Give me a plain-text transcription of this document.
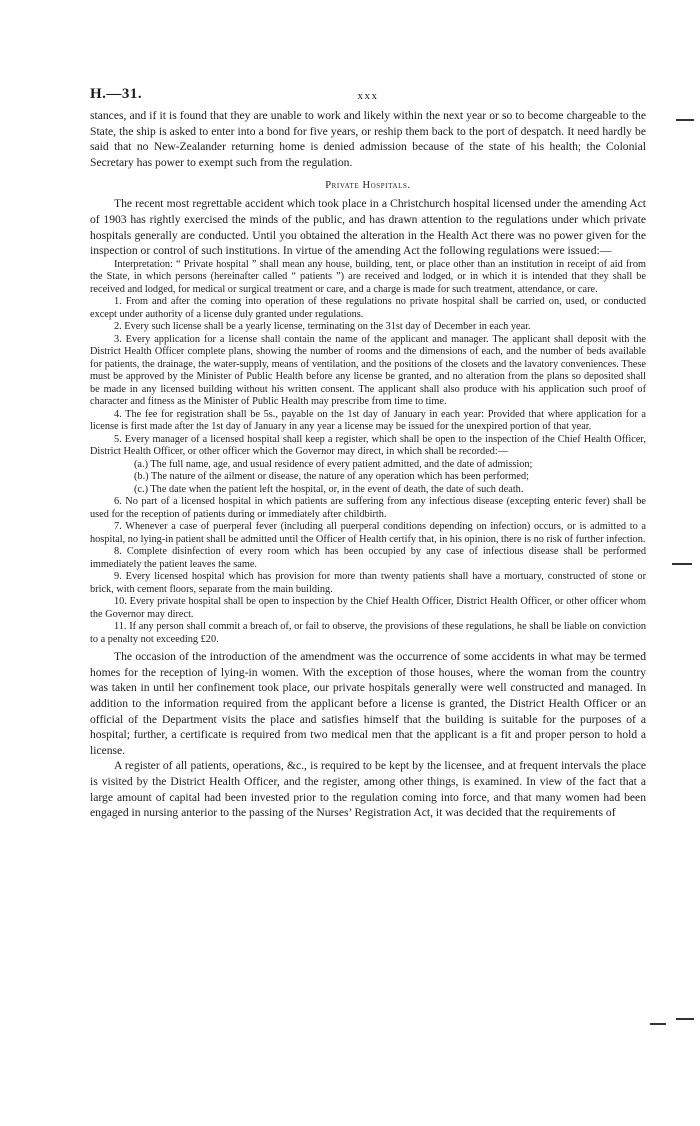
H.—31.	xxx

stances, and if it is found that they are unable to work and likely within the next year or so to become chargeable to the State, the ship is asked to enter into a bond for five years, or reship them back to the port of despatch. It need hardly be said that no New-Zealander returning home is denied admission because of the state of his health; the Colonial Secretary has power to exempt such from the regulation.

Private Hospitals.

The recent most regrettable accident which took place in a Christchurch hospital licensed under the amending Act of 1903 has rightly exercised the minds of the public, and has drawn attention to the regulations under which private hospitals generally are conducted. Until you obtained the alteration in the Health Act there was no power given for the inspection or control of such institutions. In virtue of the amending Act the following regulations were issued:—

Interpretation: “ Private hospital ” shall mean any house, building, tent, or place other than an institution in receipt of aid from the State, in which persons (hereinafter called “ patients ”) are received and lodged, or in which it is intended that they shall be received and lodged, for medical or surgical treatment or care, and a charge is made for such treatment, attendance, or care.

1. From and after the coming into operation of these regulations no private hospital shall be carried on, used, or conducted except under authority of a license duly granted under regulations.

2. Every such license shall be a yearly license, terminating on the 31st day of December in each year.

3. Every application for a license shall contain the name of the applicant and manager. The applicant shall deposit with the District Health Officer complete plans, showing the number of rooms and the dimensions of each, and the number of beds available for patients, the drainage, the water-supply, means of ventilation, and the positions of the closets and the lavatory conveniences. These must be approved by the Minister of Public Health before any license be granted, and no alteration from the plans so deposited shall be made in any licensed building without his written consent. The applicant shall also produce with his application such proof of character and fitness as the Minister of Public Health may prescribe from time to time.

4. The fee for registration shall be 5s., payable on the 1st day of January in each year: Provided that where application for a license is first made after the 1st day of January in any year a license may be issued for the unexpired portion of that year.

5. Every manager of a licensed hospital shall keep a register, which shall be open to the inspection of the Chief Health Officer, District Health Officer, or other officer which the Governor may direct, in which shall be recorded:—

(a.) The full name, age, and usual residence of every patient admitted, and the date of admission;
(b.) The nature of the ailment or disease, the nature of any operation which has been performed;
(c.) The date when the patient left the hospital, or, in the event of death, the date of such death.

6. No part of a licensed hospital in which patients are suffering from any infectious disease (excepting enteric fever) shall be used for the reception of patients during or immediately after childbirth.

7. Whenever a case of puerperal fever (including all puerperal conditions depending on infection) occurs, or is admitted to a hospital, no lying-in patient shall be admitted until the Officer of Health certify that, in his opinion, there is no risk of further infection.

8. Complete disinfection of every room which has been occupied by any case of infectious disease shall be performed immediately the patient leaves the same.

9. Every licensed hospital which has provision for more than twenty patients shall have a mortuary, constructed of stone or brick, with cement floors, separate from the main building.

10. Every private hospital shall be open to inspection by the Chief Health Officer, District Health Officer, or other officer whom the Governor may direct.

11. If any person shall commit a breach of, or fail to observe, the provisions of these regulations, he shall be liable on conviction to a penalty not exceeding £20.

The occasion of the introduction of the amendment was the occurrence of some accidents in what may be termed homes for the reception of lying-in women. With the exception of those houses, where the woman from the country was taken in until her confinement took place, our private hospitals generally were well constructed and managed. In addition to the information required from the applicant before a license is granted, the District Health Officer or an official of the Department visits the place and satisfies himself that the building is suitable for the purposes of a hospital; further, a certificate is required from two medical men that the applicant is a fit and proper person to hold a license.

A register of all patients, operations, &c., is required to be kept by the licensee, and at frequent intervals the place is visited by the District Health Officer, and the register, among other things, is examined. In view of the fact that a large amount of capital had been invested prior to the regulation coming into force, and that many women had been engaged in nursing anterior to the passing of the Nurses’ Registration Act, it was decided that the requirements of
